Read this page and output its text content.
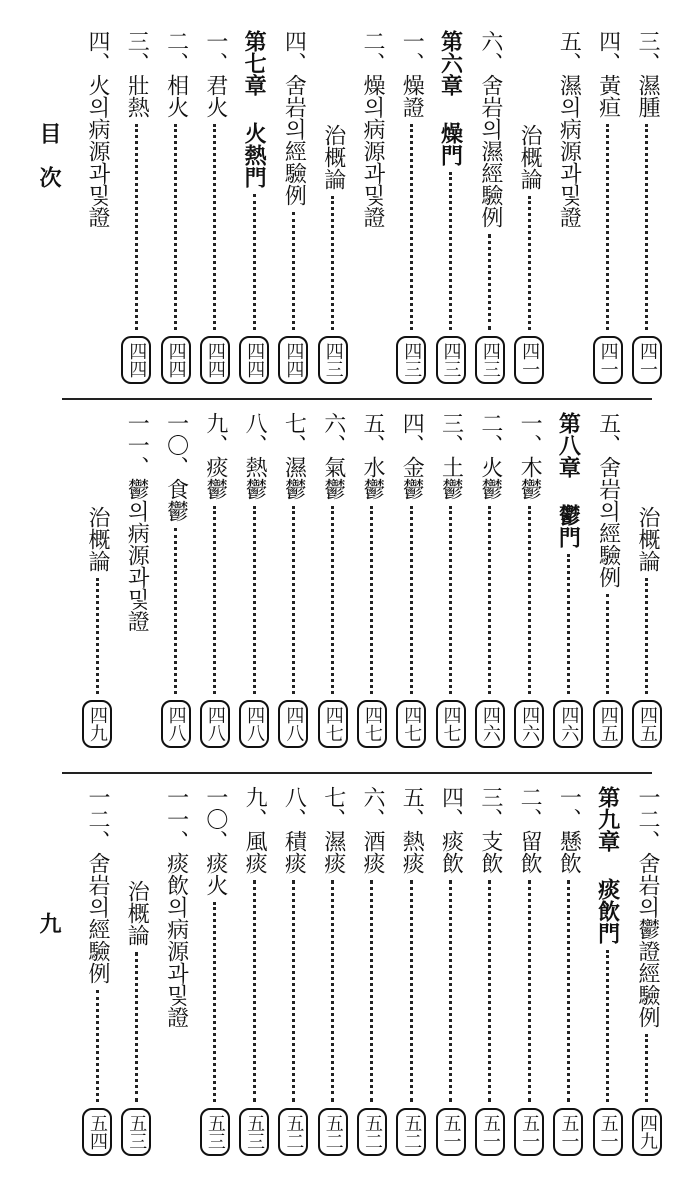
目次
九
三、濕腫
四一
四、黃疸
四一
五、濕의病源과및證
治概論
四一
六、舍岩의濕經驗例
四三
第六章 燥門
四三
一、燥證
四三
二、燥의病源과및證
治概論
四三
四、舍岩의經驗例
四四
第七章 火熱門
四四
一、君火
四四
二、相火
四四
三、壯熱
四四
四、火의病源과및證
治概論
四五
五、舍岩의經驗例
四五
第八章 鬱門
四六
一、木鬱
四六
二、火鬱
四六
三、土鬱
四七
四、金鬱
四七
五、水鬱
四七
六、氣鬱
四七
七、濕鬱
四八
八、熱鬱
四八
九、痰鬱
四八
一〇、食鬱
四八
一一、鬱의病源과및證
治概論
四九
一二、舍岩의鬱證經驗例
四九
第九章 痰飲門
五一
一、懸飲
五一
二、留飲
五一
三、支飲
五一
四、痰飲
五一
五、熱痰
五二
六、酒痰
五二
七、濕痰
五二
八、積痰
五二
九、風痰
五三
一〇、痰火
五三
一一、痰飲의病源과및證
治概論
五三
一二、舍岩의經驗例
五四
